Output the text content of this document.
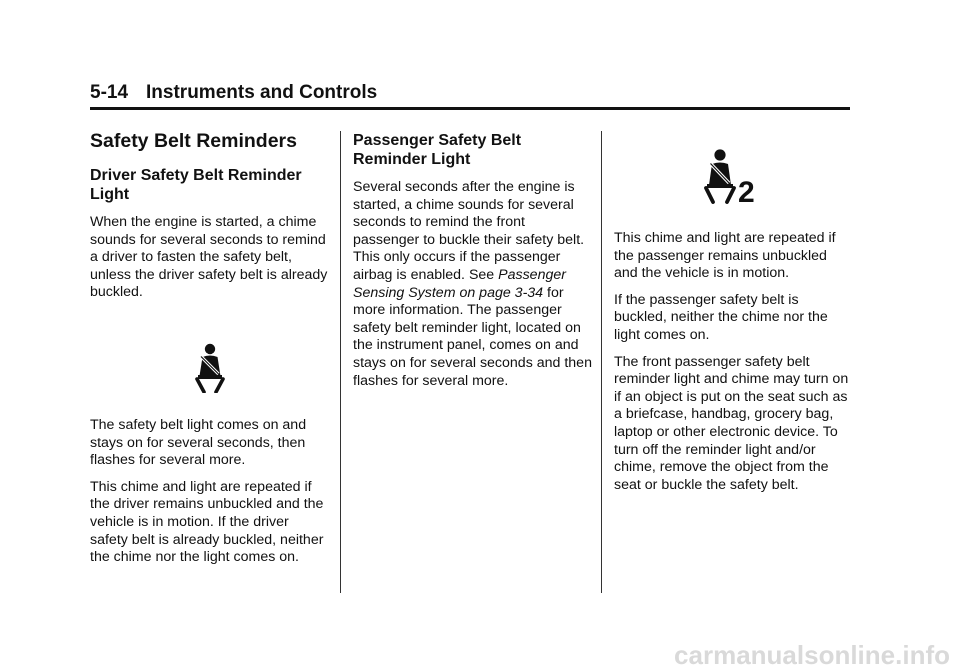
5-14 Instruments and Controls
Safety Belt Reminders
Driver Safety Belt Reminder Light

When the engine is started, a chime sounds for several seconds to remind a driver to fasten the safety belt, unless the driver safety belt is already buckled.

The safety belt light comes on and stays on for several seconds, then flashes for several more.

This chime and light are repeated if the driver remains unbuckled and the vehicle is in motion. If the driver safety belt is already buckled, neither the chime nor the light comes on.

Passenger Safety Belt Reminder Light

Several seconds after the engine is started, a chime sounds for several seconds to remind the front passenger to buckle their safety belt. This only occurs if the passenger airbag is enabled. See Passenger Sensing System on page 3-34 for more information. The passenger safety belt reminder light, located on the instrument panel, comes on and stays on for several seconds and then flashes for several more.

2

This chime and light are repeated if the passenger remains unbuckled and the vehicle is in motion.

If the passenger safety belt is buckled, neither the chime nor the light comes on.

The front passenger safety belt reminder light and chime may turn on if an object is put on the seat such as a briefcase, handbag, grocery bag, laptop or other electronic device. To turn off the reminder light and/or chime, remove the object from the seat or buckle the safety belt.

carmanualsonline.info
